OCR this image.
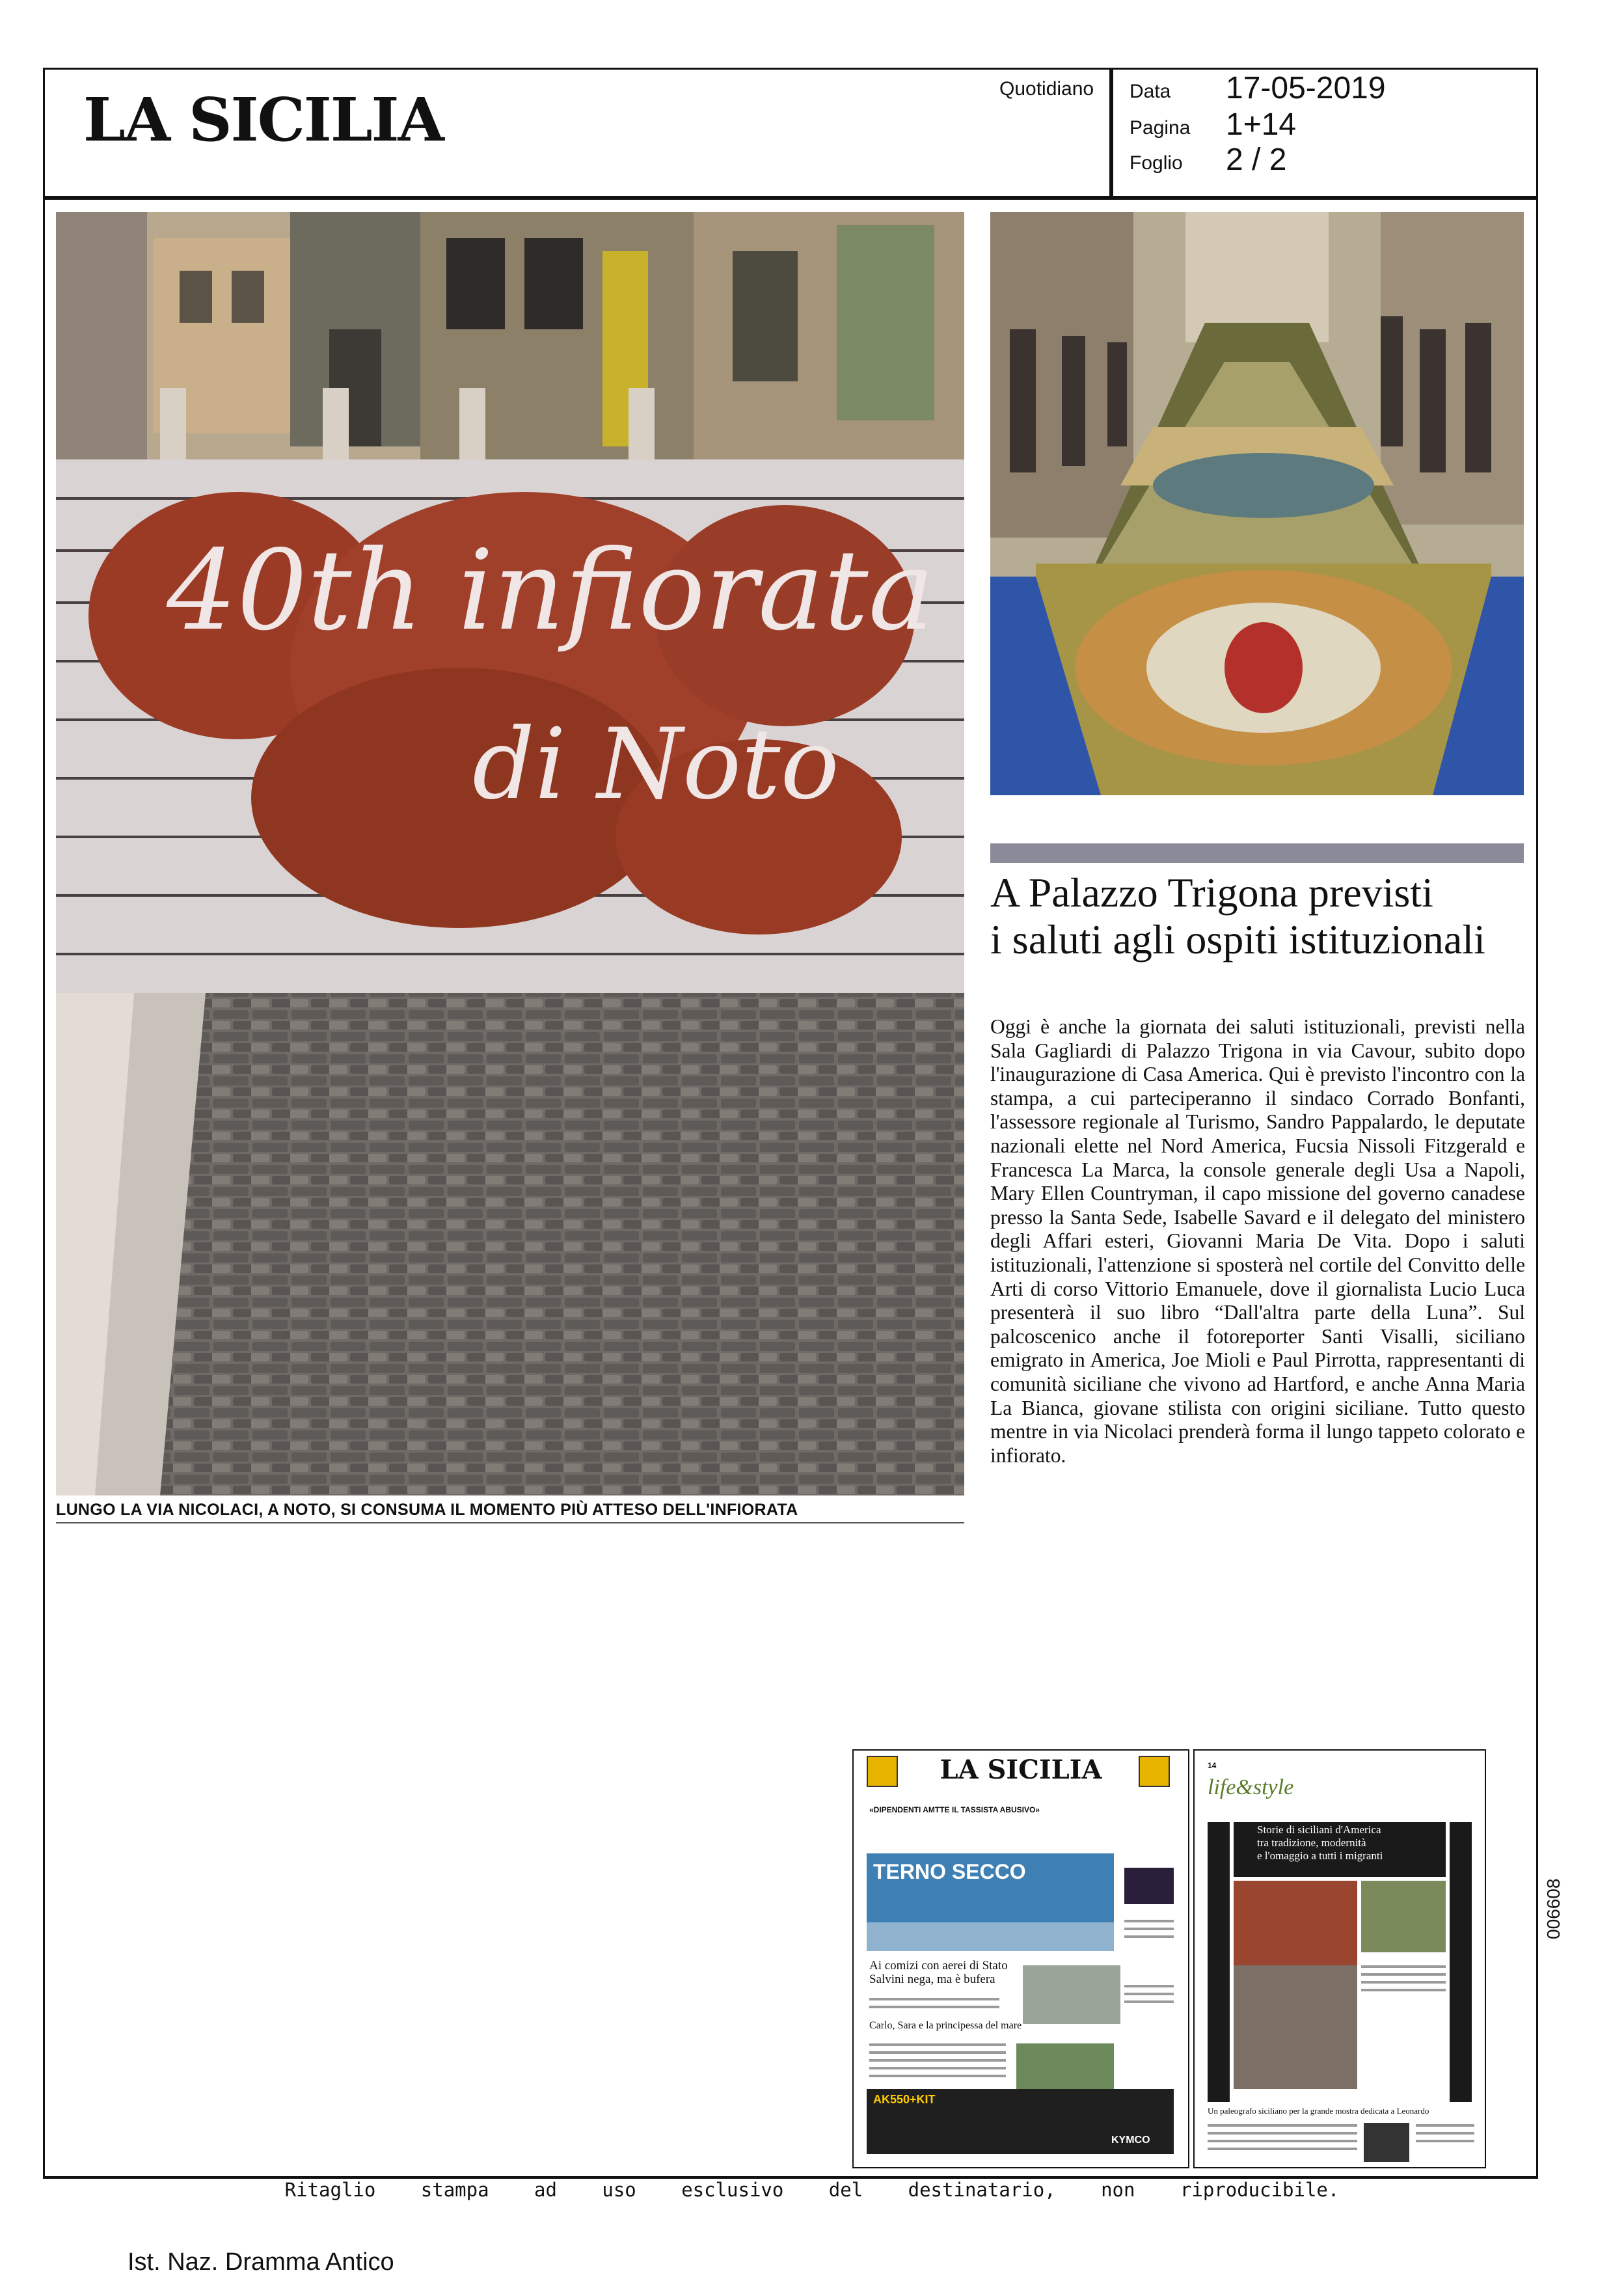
LA SICILIA	Quotidiano Data 17-05-2019
Pagina 1+14
Foglio 2 / 2
40th infiorata
di Noto
LUNGO LA VIA NICOLACI, A NOTO, SI CONSUMA IL MOMENTO PIÙ ATTESO DELL'INFIORATA
A Palazzo Trigona previsti
i saluti agli ospiti istituzionali
Oggi è anche la giornata dei saluti istituzionali, previsti nella Sala Gagliardi di Palazzo Trigona in via Cavour, subito dopo l'inaugurazione di Casa America. Qui è previsto l'incontro con la stampa, a cui parteciperanno il sindaco Corrado Bonfanti, l'assessore regionale al Turismo, Sandro Pappalardo, le deputate nazionali elette nel Nord America, Fucsia Nissoli Fitzgerald e Francesca La Marca, la console generale degli Usa a Napoli, Mary Ellen Countryman, il capo missione del governo canadese presso la Santa Sede, Isabelle Savard e il delegato del ministero degli Affari esteri, Giovanni Maria De Vita. Dopo i saluti istituzionali, l'attenzione si sposterà nel cortile del Convitto delle Arti di corso Vittorio Emanuele, dove il giornalista Lucio Luca presenterà il suo libro “Dall'altra parte della Luna”. Sul palcoscenico anche il fotoreporter Santi Visalli, siciliano emigrato in America, Joe Mioli e Paul Pirrotta, rappresentanti di comunità siciliane che vivono ad Hartford, e anche Anna Maria La Bianca, giovane stilista con origini siciliane. Tutto questo mentre in via Nicolaci prenderà forma il lungo tappeto colorato e infiorato.
LA SICILIA
«DIPENDENTI AMTTE IL TASSISTA ABUSIVO»
TERNO SECCO
Ai comizi con aerei di Stato
Salvini nega, ma è bufera
Carlo, Sara e la principessa del mare
AK550+KIT
KYMCO
14
life&style
Storie di siciliani d'America
tra tradizione, modernità
e l'omaggio a tutti i migranti
Un paleografo siciliano per la grande mostra dedicata a Leonardo
006608
Ritaglio stampa ad uso esclusivo del destinatario, non riproducibile.
Ist. Naz. Dramma Antico
